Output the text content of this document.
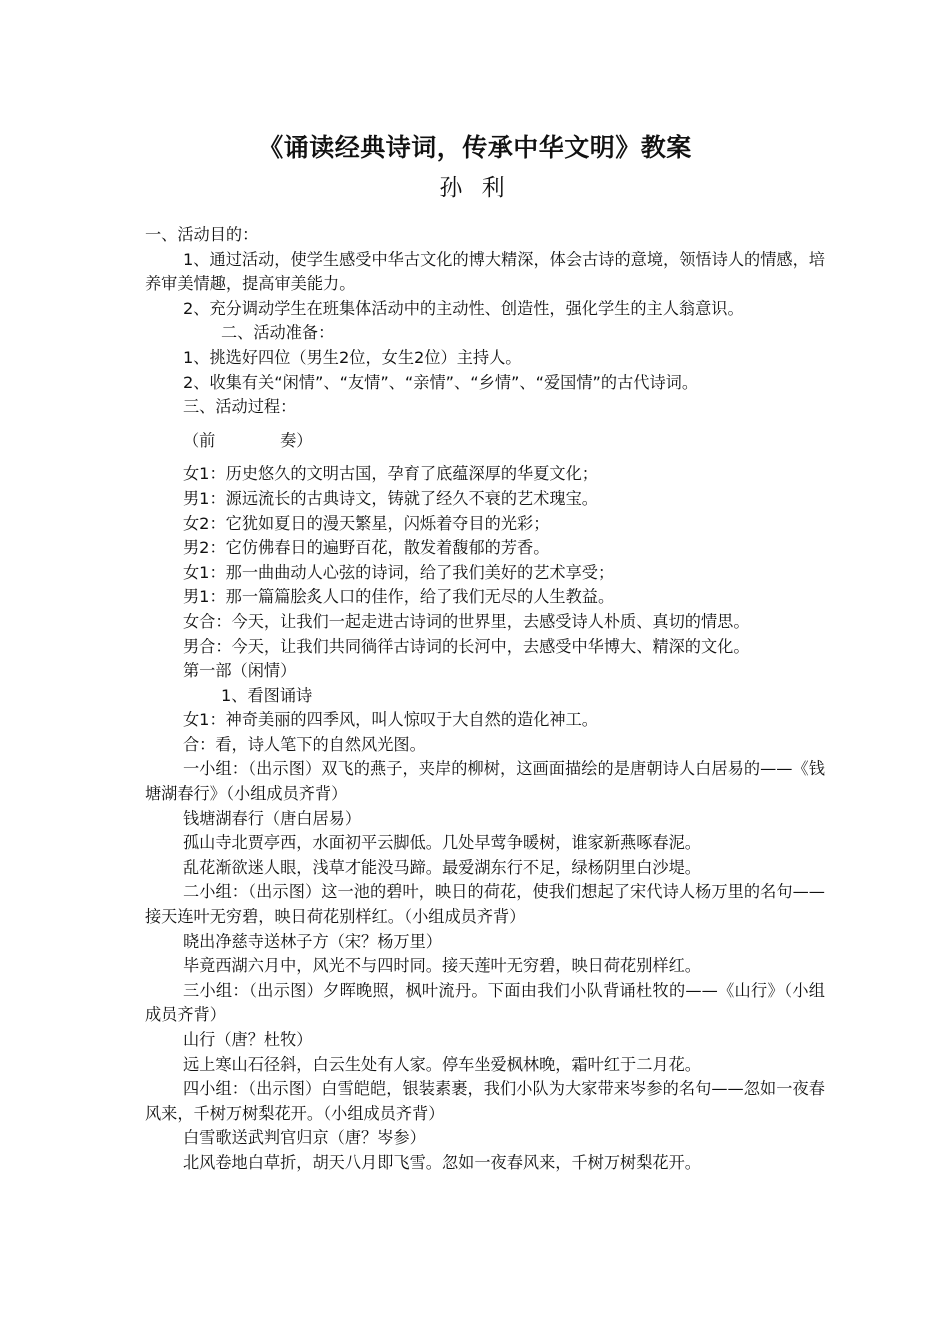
《诵读经典诗词，传承中华文明》教案
孙 利

一、活动目的：

1、通过活动，使学生感受中华古文化的博大精深，体会古诗的意境，领悟诗人的情感，培养审美情趣，提高审美能力。

2、充分调动学生在班集体活动中的主动性、创造性，强化学生的主人翁意识。

二、活动准备：

1、挑选好四位（男生2位，女生2位）主持人。

2、收集有关“闲情”、“友情”、“亲情”、“乡情”、“爱国情”的古代诗词。

三、活动过程：

（前　　　　奏）

女1：历史悠久的文明古国，孕育了底蕴深厚的华夏文化；

男1：源远流长的古典诗文，铸就了经久不衰的艺术瑰宝。

女2：它犹如夏日的漫天繁星，闪烁着夺目的光彩；

男2：它仿佛春日的遍野百花，散发着馥郁的芳香。

女1：那一曲曲动人心弦的诗词，给了我们美好的艺术享受；

男1：那一篇篇脍炙人口的佳作，给了我们无尽的人生教益。

女合：今天，让我们一起走进古诗词的世界里，去感受诗人朴质、真切的情思。

男合：今天，让我们共同徜徉古诗词的长河中，去感受中华博大、精深的文化。

第一部（闲情）

1、看图诵诗

女1：神奇美丽的四季风，叫人惊叹于大自然的造化神工。

合：看，诗人笔下的自然风光图。

一小组：（出示图）双飞的燕子，夹岸的柳树，这画面描绘的是唐朝诗人白居易的——《钱塘湖春行》（小组成员齐背）

钱塘湖春行（唐白居易）

孤山寺北贾亭西，水面初平云脚低。几处早莺争暖树，谁家新燕啄春泥。

乱花渐欲迷人眼，浅草才能没马蹄。最爱湖东行不足，绿杨阴里白沙堤。

二小组：（出示图）这一池的碧叶，映日的荷花，使我们想起了宋代诗人杨万里的名句——接天连叶无穷碧，映日荷花别样红。（小组成员齐背）

晓出净慈寺送林子方（宋？杨万里）

毕竟西湖六月中，风光不与四时同。接天莲叶无穷碧，映日荷花别样红。

三小组：（出示图）夕晖晚照，枫叶流丹。下面由我们小队背诵杜牧的——《山行》（小组成员齐背）

山行（唐？杜牧）

远上寒山石径斜，白云生处有人家。停车坐爱枫林晚，霜叶红于二月花。

四小组：（出示图）白雪皑皑，银装素裹，我们小队为大家带来岑参的名句——忽如一夜春风来，千树万树梨花开。（小组成员齐背）

白雪歌送武判官归京（唐？岑参）

北风卷地白草折，胡天八月即飞雪。忽如一夜春风来，千树万树梨花开。
